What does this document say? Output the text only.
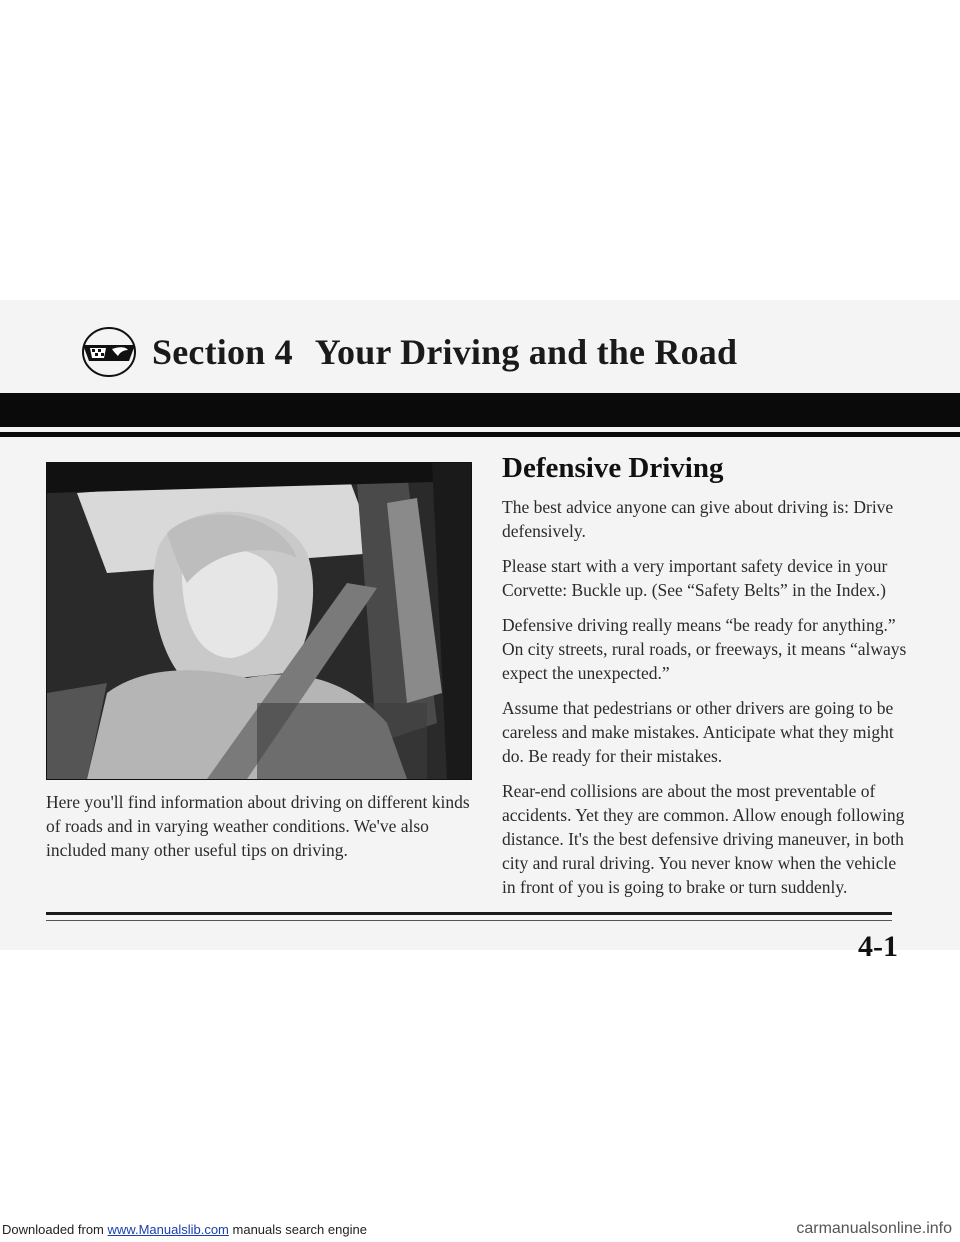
Section 4 Your Driving and the Road
Here you'll find information about driving on different kinds of roads and in varying weather conditions. We've also included many other useful tips on driving.
Defensive Driving

The best advice anyone can give about driving is: Drive defensively.

Please start with a very important safety device in your Corvette: Buckle up. (See “Safety Belts” in the Index.)

Defensive driving really means “be ready for anything.” On city streets, rural roads, or freeways, it means “always expect the unexpected.”

Assume that pedestrians or other drivers are going to be careless and make mistakes. Anticipate what they might do. Be ready for their mistakes.

Rear-end collisions are about the most preventable of accidents. Yet they are common. Allow enough following distance. It's the best defensive driving maneuver, in both city and rural driving. You never know when the vehicle in front of you is going to brake or turn suddenly.

4-1
Downloaded from www.Manualslib.com manuals search engine	carmanualsonline.info
